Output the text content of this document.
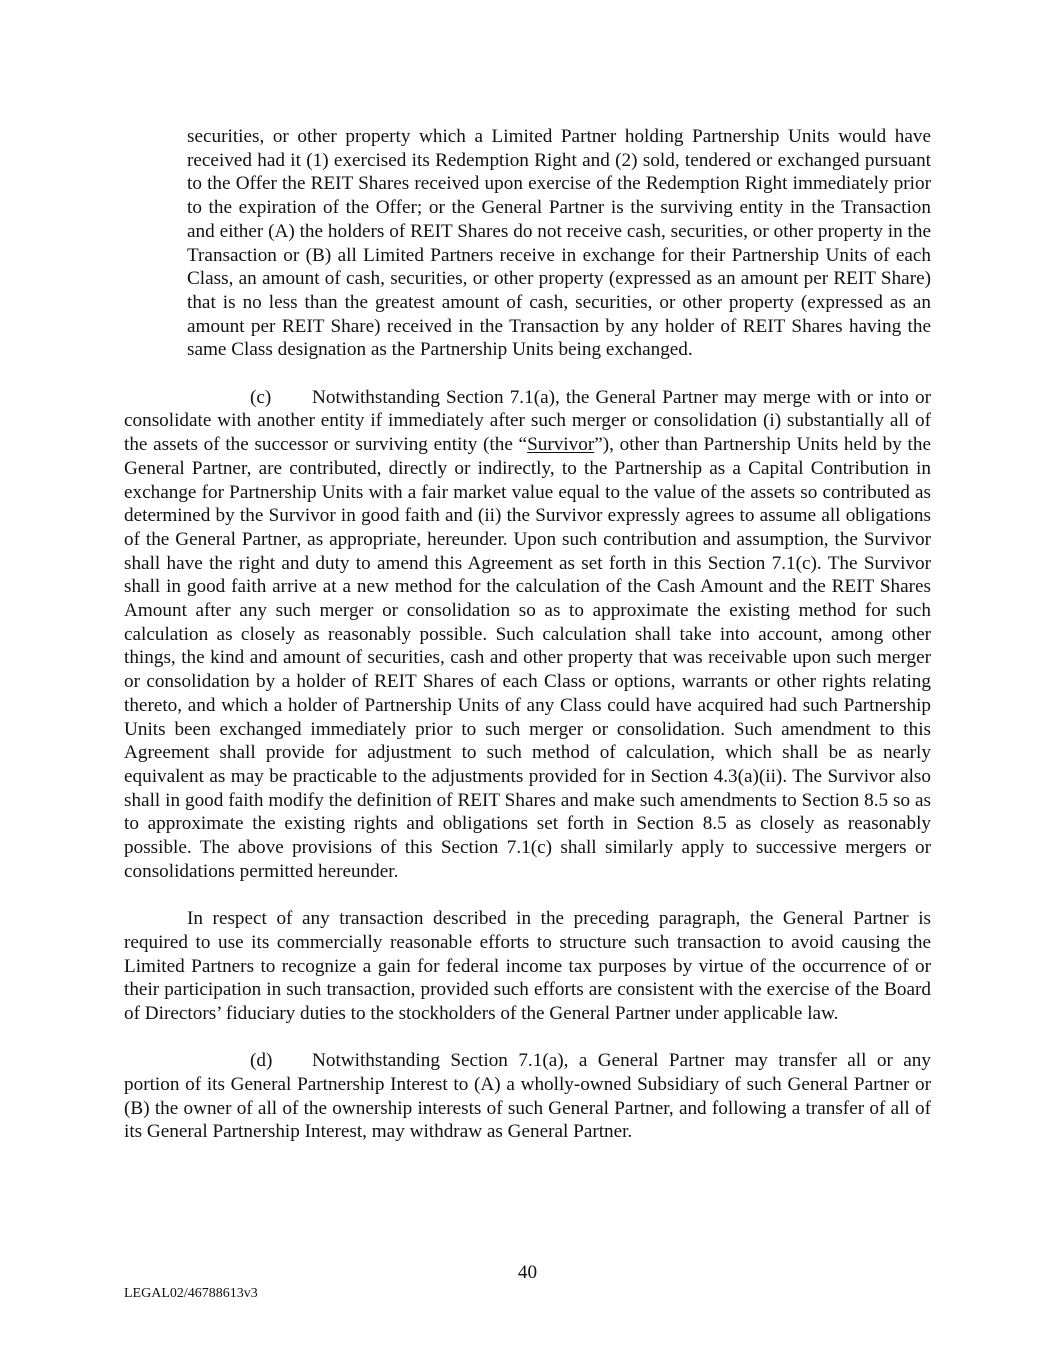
securities, or other property which a Limited Partner holding Partnership Units would have received had it (1) exercised its Redemption Right and (2) sold, tendered or exchanged pursuant to the Offer the REIT Shares received upon exercise of the Redemption Right immediately prior to the expiration of the Offer; or the General Partner is the surviving entity in the Transaction and either (A) the holders of REIT Shares do not receive cash, securities, or other property in the Transaction or (B) all Limited Partners receive in exchange for their Partnership Units of each Class, an amount of cash, securities, or other property (expressed as an amount per REIT Share) that is no less than the greatest amount of cash, securities, or other property (expressed as an amount per REIT Share) received in the Transaction by any holder of REIT Shares having the same Class designation as the Partnership Units being exchanged.

(c) Notwithstanding Section 7.1(a), the General Partner may merge with or into or consolidate with another entity if immediately after such merger or consolidation (i) substantially all of the assets of the successor or surviving entity (the “Survivor”), other than Partnership Units held by the General Partner, are contributed, directly or indirectly, to the Partnership as a Capital Contribution in exchange for Partnership Units with a fair market value equal to the value of the assets so contributed as determined by the Survivor in good faith and (ii) the Survivor expressly agrees to assume all obligations of the General Partner, as appropriate, hereunder. Upon such contribution and assumption, the Survivor shall have the right and duty to amend this Agreement as set forth in this Section 7.1(c). The Survivor shall in good faith arrive at a new method for the calculation of the Cash Amount and the REIT Shares Amount after any such merger or consolidation so as to approximate the existing method for such calculation as closely as reasonably possible. Such calculation shall take into account, among other things, the kind and amount of securities, cash and other property that was receivable upon such merger or consolidation by a holder of REIT Shares of each Class or options, warrants or other rights relating thereto, and which a holder of Partnership Units of any Class could have acquired had such Partnership Units been exchanged immediately prior to such merger or consolidation. Such amendment to this Agreement shall provide for adjustment to such method of calculation, which shall be as nearly equivalent as may be practicable to the adjustments provided for in Section 4.3(a)(ii). The Survivor also shall in good faith modify the definition of REIT Shares and make such amendments to Section 8.5 so as to approximate the existing rights and obligations set forth in Section 8.5 as closely as reasonably possible. The above provisions of this Section 7.1(c) shall similarly apply to successive mergers or consolidations permitted hereunder.

In respect of any transaction described in the preceding paragraph, the General Partner is required to use its commercially reasonable efforts to structure such transaction to avoid causing the Limited Partners to recognize a gain for federal income tax purposes by virtue of the occurrence of or their participation in such transaction, provided such efforts are consistent with the exercise of the Board of Directors’ fiduciary duties to the stockholders of the General Partner under applicable law.

(d) Notwithstanding Section 7.1(a), a General Partner may transfer all or any portion of its General Partnership Interest to (A) a wholly-owned Subsidiary of such General Partner or (B) the owner of all of the ownership interests of such General Partner, and following a transfer of all of its General Partnership Interest, may withdraw as General Partner.

40
LEGAL02/46788613v3
